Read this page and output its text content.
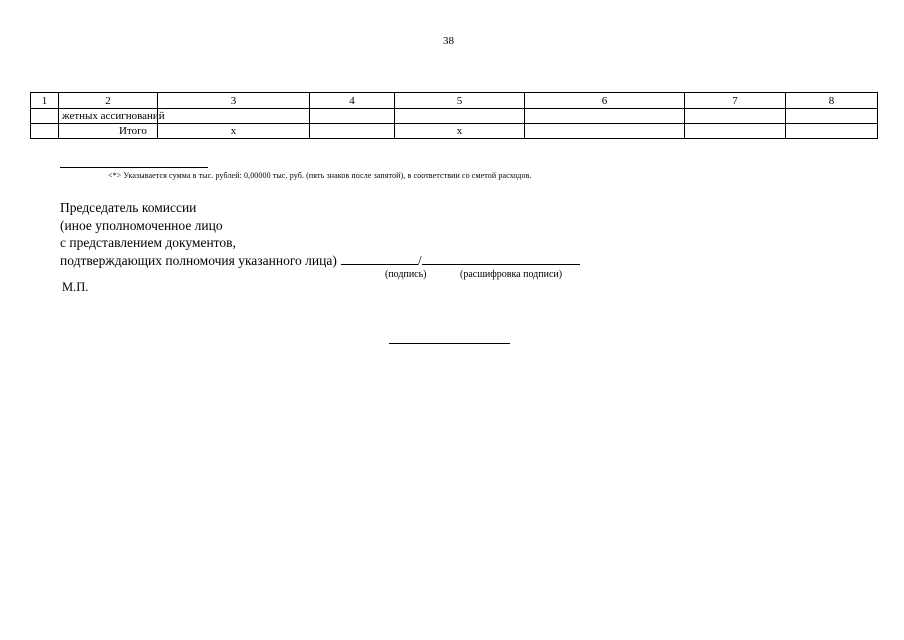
38
1	2	3	4	5	6	7	8
	жетных ассигнований						
	Итого	х		х			
<*> Указывается сумма в тыс. рублей: 0,00000 тыс. руб. (пять знаков после запятой), в соответствии со сметой расходов.
Председатель комиссии
(иное уполномоченное лицо
с представлением документов,
подтверждающих полномочия указанного лица)	/
(подпись)	(расшифровка подписи)
М.П.
